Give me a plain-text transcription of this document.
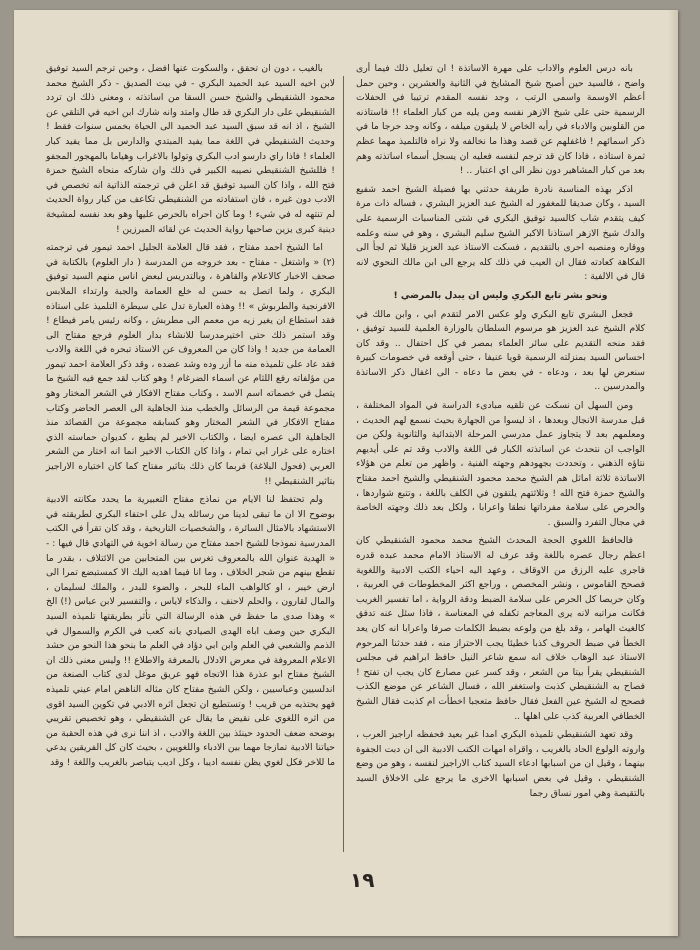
بانه درس العلوم والاداب على مهرة الاساتذة ! ان تعليل ذلك فيما أرى واضح ، فالسيد حين أصبح شيخ المشايخ في الثانية والعشرين ، وحين حمل أعظم الاوسمة واسمى الرتب ، وجد نفسه المقدم ترتيبا في الحفلات الرسمية حتى على شيخ الازهر نفسه ومن يليه من كبار العلماء !! فاستاذنه من القلوبين والادباء في رأيه الخاص لا يليقون ميلفه ، وكانه وجد حرجا ما في ذكر اسمائهم ! فاغفلهم عن قصد وهذا ما نخالفه ولا نراه فالتلميذ مهما عظم ثمرة استاذه ، فاذا كان قد ترجم لنفسه فعليه ان يسجل أسماء اساتذته وهم بعد من كبار المشاهير دون نظر الى اي اعتبار .. !

اذكر بهذه المناسبة نادرة طريفة حدثني بها فضيلة الشيخ احمد شفيع السيد ، وكان صديقا للمغفور له الشيخ عبد العزيز البشري ، فساله ذات مرة كيف يتقدم شاب كالسيد توفيق البكري في شتى المناسبات الرسمية على والدك شيخ الازهر استاذنا الاكبر الشيخ سليم البشري ، وهو في سنه وعلمه ووقاره ومنصبه احرى بالتقديم ، فسكت الاستاذ عبد العزيز قليلا ثم لجأ الى الفكاهة كعادته فقال ان العيب في ذلك كله يرجع الى ابن مالك النحوي لانه قال في الالفية :

ونحو بشر تابع البكري وليس ان يبدل بالمرضي !

فجعل البشري تابع البكري ولو عكس الامر لتقدم ابي ، وابن مالك في كلام الشيخ عبد العزيز هو مرسوم السلطان بالوزارة العلمية للسيد توفيق ، فقد منحه التقديم على سائر العلماء بمصر في كل احتفال .. وقد كان احساس السيد بمنزلته الرسمية قويا عنيفا ، حتى أوقعه في خصومات كبيرة سنعرض لها بعد ، ودعاه - في بعض ما دعاه - الى اغفال ذكر الاساتذة والمدرسين ..

ومن السهل ان نسكت عن تلقيه مبادىء الدراسة في المواد المختلفة ، قبل مدرسة الانجال وبعدها ، اذ ليسوا من الجهارة بحيث نسمع لهم الحديث ، ومعلمهم بعد لا يتجاوز عمل مدرسي المرحلة الابتدائية والثانوية ولكن من الواجب ان نتحدث عن اساتذته الكبار في اللغة والادب وقد تم على أيديهم نتاؤه الذهني ، وتحددت بجهودهم وجهته الفنية ، واظهر من تعلم من هؤلاء الاساتذة ثلاثة اماثل هم الشيخ محمد محمود الشنقيطي والشيخ احمد مفتاح والشيخ حمزة فتح الله ! وثلاثتهم يلتقون في الكلف باللغة ، وتتبع شواردها ، والحرص على سلامة مفرداتها نطقا واعرابا ، ولكل بعد ذلك وجهته الخاصة في مجال التفرد والسبق .

فالحافظ اللغوي الحجة المحدث الشيخ محمد محمود الشنقيطي كان اعظم رجال عصره باللغة وقد عرف له الاستاذ الامام محمد عبده قدره فاجرى عليه الرزق من الاوقاف ، وعهد اليه احياء الكتب الادبية واللغوية فصحح القاموس ، ونشر المخصص ، وراجع اكثر المخطوطات في العربية ، وكان حريصا كل الحرص على سلامة الضبط ودقة الرواية ، اما تفسير الغريب فكانت مراتبه لانه يرى المعاجم تكفله في المعناسة ، فاذا سئل عنه تدفق كالغيث الهامر ، وقد بلغ من ولوعه بضبط الكلمات صرفا واعرابا انه كان يعد الخطأ في ضبط الحروف كذبا خطيئا يجب الاحتراز منه ، فقد حدثنا المرحوم الاستاذ عبد الوهاب خلاف انه سمع شاعر النيل حافظ ابراهيم في مجلس الشنقيطي يقرأ بيتا من الشعر ، وقد كسر عين مصارع كان يجب ان تفتح ! فصاح به الشنقيطي كذبت واستغفر الله ، فسال الشاعر عن موضع الكذب فصحح له الشيخ عين الفعل فقال حافظ متعجبا اخطأت ام كذبت فقال الشيخ الخطافي العربية كذب على اهلها ..

وقد تعهد الشنقيطي تلميذه البكري امدا غير بعيد فحفظه اراجيز العرب ، واروته الولوع الحاد بالغريب ، واقراه امهات الكتب الادبية الى ان دبت الجفوة بينهما ، وقيل ان من اسبابها ادعاء السيد كتاب الاراجيز لنفسه ، وهو من وضع الشنقيطي ، وقيل في بعض اسبابها الاخرى ما يرجع على الاخلاق السيد بالتقيصة وهي امور نساق رجما

بالغيب ، دون ان تحقق ، والسكوت عنها افضل ، وحين ترجم السيد توفيق لابن اخيه السيد عبد الحميد البكري - في بيت الصديق - ذكر الشيخ محمد محمود الشنقيطي والشيخ حسن السقا من اساتذته ، ومعنى ذلك ان تردد الشنقيطي على دار البكري قد طال وامتد وانه شارك ابن اخيه في التلقي عن الشيخ ، اذ انه قد سبق السيد عبد الحميد الى الحياة بخمس سنوات فقط ! وحديث الشنقيطي في اللغة مما يفيد المبتدي والدارس بل مما يفيد كبار العلماء ! فاذا راي دارسو ادب البكري وتولوا بالاغراب وهياما بالمهجور المجفو ! فللشيخ الشنقيطي نصيبه الكبير في ذلك وان شاركه منحاه الشيخ حمزة فتح الله ، واذا كان السيد توفيق قد اعلن في ترجمته الذاتية انه تخصص في الادب دون غيره ، فان استفادته من الشنقيطي تكاعف من كبار رواة الحديث لم تنتهه له في شيء ! وما كان احراه بالحرص عليها وهو بعد نفسه لمشيخة دينية كبرى يزين صاحبها رواية الحديث عن لقائه المبرزين !

اما الشيخ احمد مفتاح ، فقد قال العلامة الجليل احمد تيمور في ترجمته (٢) « واشتغل - مفتاح - بعد خروجه من المدرسة ( دار العلوم) بالكتابة في صحف الاخبار كالاعلام والقاهرة ، وبالتدريس لبعض اناس منهم السيد توفيق البكري ، ولما اتصل به حسن له خلع العمامة والجبة وارتداء الملابس الافرنجية والطربوش » !! وهذه العبارة تدل على سيطرة التلميذ على استاذه فقد استطاع ان يغير زيه من معمم الى مطربش ، وكانه رئيس يامر فيطاع ! وقد استمر ذلك حتى اختيرمدرسا للانشاء بدار العلوم فرجع مفتاح الى العمامة من جديد ! واذا كان من المعروف عن الاستاذ تبحره في اللغة والادب فقد عاد على تلميذه منه ما أزر وده وشد عضده ، وقد ذكر العلامة احمد تيمور من مؤلفاته رفع اللثام عن اسماء الضرغام ! وهو كتاب لقد جمع فيه الشيخ ما يتصل في خصماته اسم الاسد ، وكتاب مفتاح الافكار في الشعر المختار وهو مجموعة قيمة من الرسائل والخطب منذ الجاهلية الى العصر الحاضر وكتاب مفتاح الافكار في الشعر المختار وهو كسابقه مجموعة من القصائد منذ الجاهلية الى عصره ايضا ، والكتاب الاخير لم يطبع ، كديوان حماسته الذي اختاره على غرار ابي تمام ، واذا كان الكتاب الاخير انما انه اختار من الشعر العربي (فحول البلاغة) فربما كان ذلك بتاثير مفتاح كما كان اختياره الاراجيز بتاثير الشنقيطي !!

ولم تحتفظ لنا الايام من نماذج مفتاح التعبيرية ما يحدد مكانته الادبية بوضوح الا ان ما تبقى لدينا من رسائله يدل على احتفاء البكري لطريقته في الاستشهاد بالامثال السائرة ، والشخصيات التاريخية ، وقد كان تقرأ في الكتب المدرسية نموذجا للشيخ احمد مفتاح من رسالة اخوية في التهادي قال فيها : - « الهدية عنوان الله بالمعروف تغرس بين المتحابين من الائتلاف ، بقدر ما تقطع بينهم من شجر الخلاف ، وما انا فيما اهديه اليك الا كمستبضع تمرا الى ارض خيبر ، او كالواهب الماء للبحر ، والضوء للبدر ، والملك لسليمان ، والمال لقارون ، والحلم لاحنف ، والذكاء لاياس ، والتفسير لابن عباس (!) الخ » وهذا صدى ما حفظ في هذه الرسالة التي تأثر بطريقتها تلميذه السيد البكري حين وصف اباه الهدى الصيادي بانه كعب في الكرم والسموال في الذمم والشعبي في العلم وابن ابي دؤاد في العلم ما بنحو هذا النحو من حشد الاعلام المعروفة في معرض الادلال بالمعرفة والاطلاع !! وليس معنى ذلك ان الشيخ مفتاح ابو عذرة هذا الاتجاه فهو عريق موغل لدى كتاب الصنعة من اندلسيين وعباسيين ، ولكن الشيخ مفتاح كان مثاله الناهض امام عيني تلميذه فهو يحتذيه من قريب ! وتستطيع ان تجعل اثره الادبي في تكوين السيد اقوى من اثره اللغوي على نقيض ما يقال عن الشنقيطي ، وهو تخصيص تقريبي بوضحه ضعف الحدود حينئذ بين اللغة والادب ، اذ اننا نرى في هذه الحقبة من حياتنا الادبية تمازجا مهما بين الادباء واللغويين ، بحيث كان كل الفريقين يدعي ما للاخر فكل لغوي يظن نفسه اديبا ، وكل اديب يتباصر بالغريب واللغة ! وقد

١٩
